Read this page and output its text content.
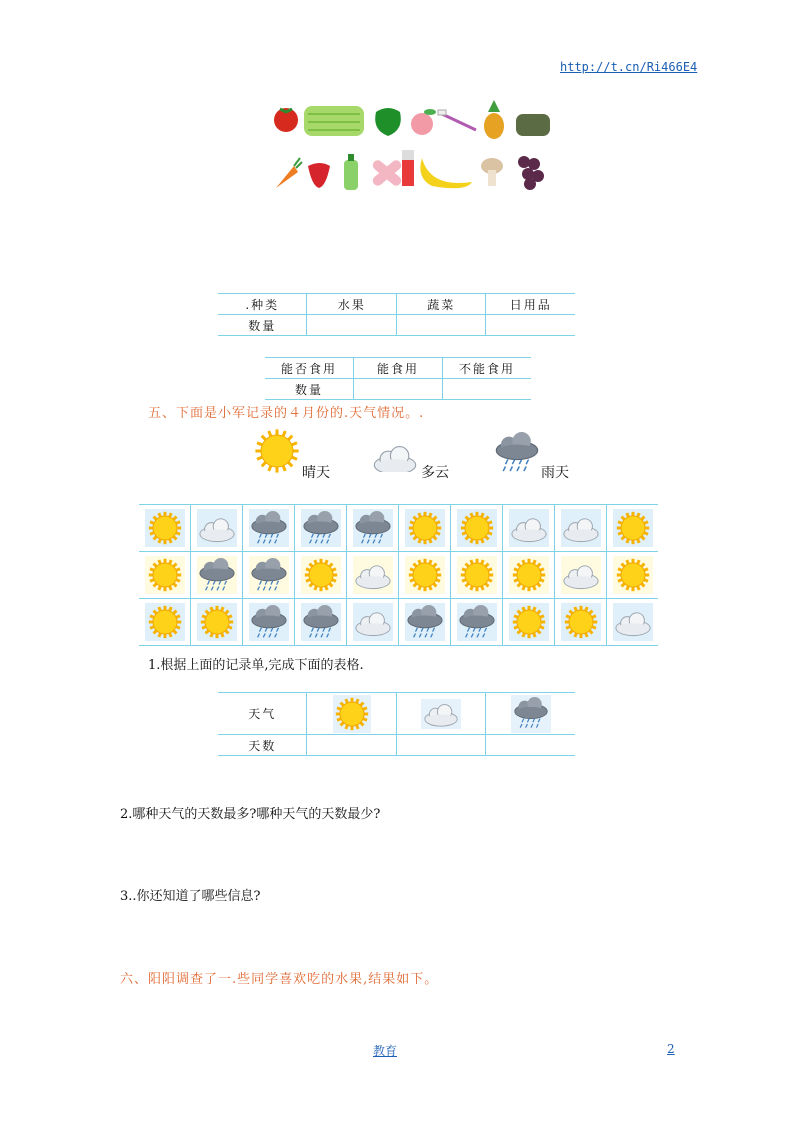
http://t.cn/Ri466E4
.种类	水果	蔬菜	日用品
数量			
能否食用	能食用	不能食用
数量		
五、下面是小军记录的４月份的.天气情况。.
晴天	多云	雨天

1.根据上面的记录单,完成下面的表格.
天气	

天数			
2.哪种天气的天数最多?哪种天气的天数最少?
3..你还知道了哪些信息?
六、阳阳调查了一.些同学喜欢吃的水果,结果如下。
教育	2
